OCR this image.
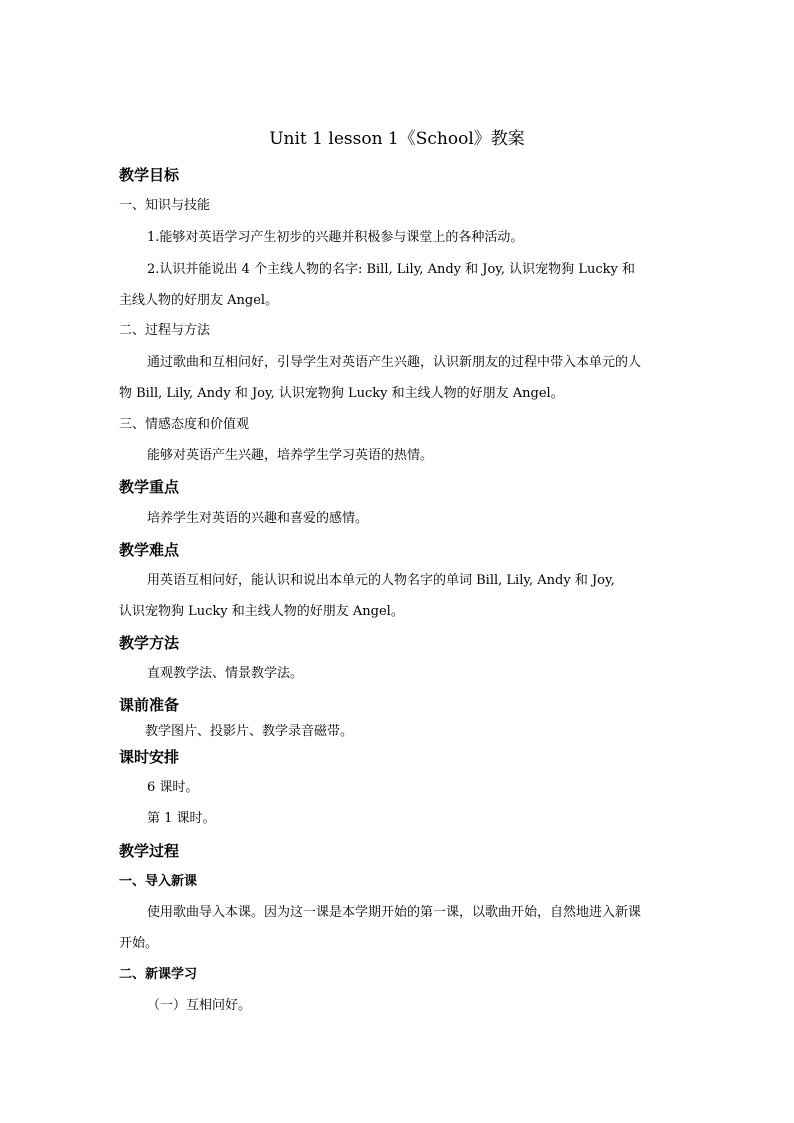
Unit 1 lesson 1《School》教案
教学目标
一、知识与技能
1.能够对英语学习产生初步的兴趣并积极参与课堂上的各种活动。
2.认识并能说出 4 个主线人物的名字: Bill, Lily, Andy 和 Joy, 认识宠物狗 Lucky 和
主线人物的好朋友 Angel。
二、过程与方法
通过歌曲和互相问好，引导学生对英语产生兴趣，认识新朋友的过程中带入本单元的人
物 Bill, Lily, Andy 和 Joy, 认识宠物狗 Lucky 和主线人物的好朋友 Angel。
三、情感态度和价值观
能够对英语产生兴趣，培养学生学习英语的热情。
教学重点
培养学生对英语的兴趣和喜爱的感情。
教学难点
用英语互相问好，能认识和说出本单元的人物名字的单词 Bill, Lily, Andy 和 Joy,
认识宠物狗 Lucky 和主线人物的好朋友 Angel。
教学方法
直观教学法、情景教学法。
课前准备
教学图片、投影片、教学录音磁带。
课时安排
6 课时。
第 1 课时。
教学过程
一、导入新课
使用歌曲导入本课。因为这一课是本学期开始的第一课，以歌曲开始，自然地进入新课
开始。
二、新课学习
（一）互相问好。
